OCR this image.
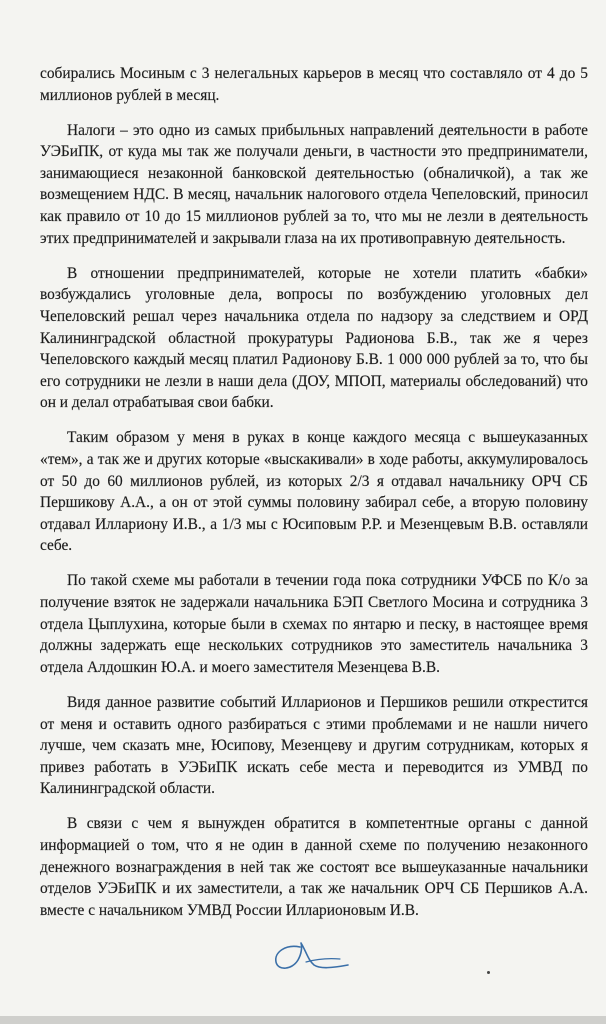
собирались Мосиным с 3 нелегальных карьеров в месяц что составляло от 4 до 5 миллионов рублей в месяц.

Налоги – это одно из самых прибыльных направлений деятельности в работе УЭБиПК, от куда мы так же получали деньги, в частности это предприниматели, занимающиеся незаконной банковской деятельностью (обналичкой), а так же возмещением НДС. В месяц, начальник налогового отдела Чепеловский, приносил как правило от 10 до 15 миллионов рублей за то, что мы не лезли в деятельность этих предпринимателей и закрывали глаза на их противоправную деятельность.

В отношении предпринимателей, которые не хотели платить «бабки» возбуждались уголовные дела, вопросы по возбуждению уголовных дел Чепеловский решал через начальника отдела по надзору за следствием и ОРД Калининградской областной прокуратуры Радионова Б.В., так же я через Чепеловского каждый месяц платил Радионову Б.В. 1 000 000 рублей за то, что бы его сотрудники не лезли в наши дела (ДОУ, МПОП, материалы обследований) что он и делал отрабатывая свои бабки.

Таким образом у меня в руках в конце каждого месяца с вышеуказанных «тем», а так же и других которые «выскакивали» в ходе работы, аккумулировалось от 50 до 60 миллионов рублей, из которых 2/3 я отдавал начальнику ОРЧ СБ Першикову А.А., а он от этой суммы половину забирал себе, а вторую половину отдавал Иллариону И.В., а 1/3 мы с Юсиповым Р.Р. и Мезенцевым В.В. оставляли себе.

По такой схеме мы работали в течении года пока сотрудники УФСБ по К/о за получение взяток не задержали начальника БЭП Светлого Мосина и сотрудника 3 отдела Цыплухина, которые были в схемах по янтарю и песку, в настоящее время должны задержать еще нескольких сотрудников это заместитель начальника 3 отдела Алдошкин Ю.А. и моего заместителя Мезенцева В.В.

Видя данное развитие событий Илларионов и Першиков решили открестится от меня и оставить одного разбираться с этими проблемами и не нашли ничего лучше, чем сказать мне, Юсипову, Мезенцеву и другим сотрудникам, которых я привез работать в УЭБиПК искать себе места и переводится из УМВД по Калининградской области.

В связи с чем я вынужден обратится в компетентные органы с данной информацией о том, что я не один в данной схеме по получению незаконного денежного вознаграждения в ней так же состоят все вышеуказанные начальники отделов УЭБиПК и их заместители, а так же начальник ОРЧ СБ Першиков А.А. вместе с начальником УМВД России Илларионовым И.В.
